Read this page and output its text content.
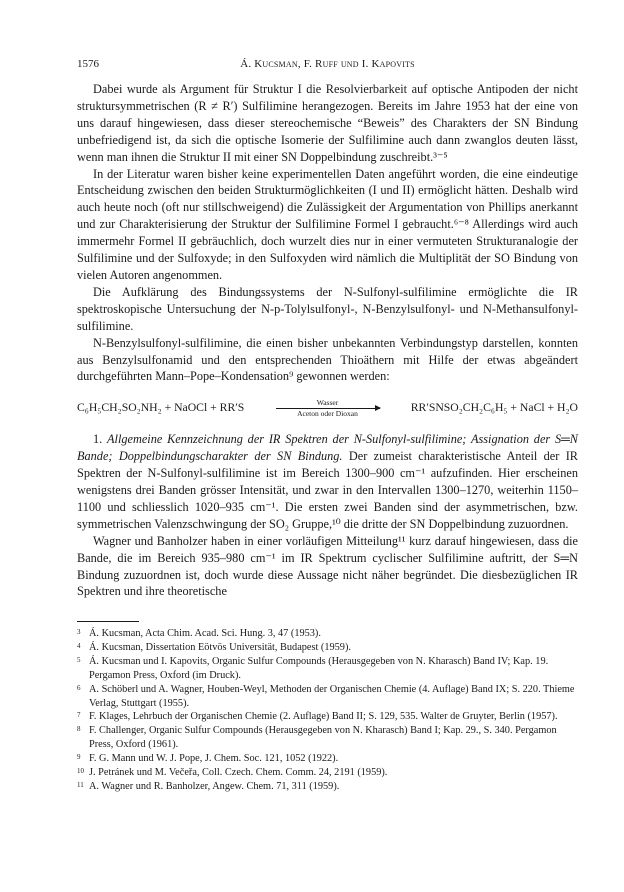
1576	Á. Kucsman, F. Ruff und I. Kapovits

Dabei wurde als Argument für Struktur I die Resolvierbarkeit auf optische Antipoden der nicht struktursymmetrischen (R ≠ R′) Sulfilimine herangezogen. Bereits im Jahre 1953 hat der eine von uns darauf hingewiesen, dass dieser stereochemische “Beweis” des Charakters der SN Bindung unbefriedigend ist, da sich die optische Isomerie der Sulfilimine auch dann zwanglos deuten lässt, wenn man ihnen die Struktur II mit einer SN Doppelbindung zuschreibt.³⁻⁵

In der Literatur waren bisher keine experimentellen Daten angeführt worden, die eine eindeutige Entscheidung zwischen den beiden Strukturmöglichkeiten (I und II) ermöglicht hätten. Deshalb wird auch heute noch (oft nur stillschweigend) die Zulässigkeit der Argumentation von Phillips anerkannt und zur Charakterisierung der Struktur der Sulfilimine Formel I gebraucht.⁶⁻⁸ Allerdings wird auch immermehr Formel II gebräuchlich, doch wurzelt dies nur in einer vermuteten Strukturanalogie der Sulfilimine und der Sulfoxyde; in den Sulfoxyden wird nämlich die Multiplität der SO Bindung von vielen Autoren angenommen.

Die Aufklärung des Bindungssystems der N-Sulfonyl-sulfilimine ermöglichte die IR spektroskopische Untersuchung der N-p-Tolylsulfonyl-, N-Benzylsulfonyl- und N-Methansulfonyl-sulfilimine.

N-Benzylsulfonyl-sulfilimine, die einen bisher unbekannten Verbindungstyp darstellen, konnten aus Benzylsulfonamid und den entsprechenden Thioäthern mit Hilfe der etwas abgeändert durchgeführten Mann–Pope–Kondensation⁹ gewonnen werden:

C₆H₅CH₂SO₂NH₂ + NaOCl + RR′S	Wasser
Aceton oder Dioxan	RR′SNSO₂CH₂C₆H₅ + NaCl + H₂O

1. Allgemeine Kennzeichnung der IR Spektren der N-Sulfonyl-sulfilimine; Assignation der S═N Bande; Doppelbindungscharakter der SN Bindung. Der zumeist charakteristische Anteil der IR Spektren der N-Sulfonyl-sulfilimine ist im Bereich 1300–900 cm⁻¹ aufzufinden. Hier erscheinen wenigstens drei Banden grösser Intensität, und zwar in den Intervallen 1300–1270, weiterhin 1150–1100 und schliesslich 1020–935 cm⁻¹. Die ersten zwei Banden sind der asymmetrischen, bzw. symmetrischen Valenzschwingung der SO₂ Gruppe,¹⁰ die dritte der SN Doppelbindung zuzuordnen.

Wagner und Banholzer haben in einer vorläufigen Mitteilung¹¹ kurz darauf hingewiesen, dass die Bande, die im Bereich 935–980 cm⁻¹ im IR Spektrum cyclischer Sulfilimine auftritt, der S═N Bindung zuzuordnen ist, doch wurde diese Aussage nicht näher begründet. Die diesbezüglichen IR Spektren und ihre theoretische

3 Á. Kucsman, Acta Chim. Acad. Sci. Hung. 3, 47 (1953).
4 Á. Kucsman, Dissertation Eötvös Universität, Budapest (1959).
5 Á. Kucsman und I. Kapovits, Organic Sulfur Compounds (Herausgegeben von N. Kharasch) Band IV; Kap. 19. Pergamon Press, Oxford (im Druck).
6 A. Schöberl und A. Wagner, Houben-Weyl, Methoden der Organischen Chemie (4. Auflage) Band IX; S. 220. Thieme Verlag, Stuttgart (1955).
7 F. Klages, Lehrbuch der Organischen Chemie (2. Auflage) Band II; S. 129, 535. Walter de Gruyter, Berlin (1957).
8 F. Challenger, Organic Sulfur Compounds (Herausgegeben von N. Kharasch) Band I; Kap. 29., S. 340. Pergamon Press, Oxford (1961).
9 F. G. Mann und W. J. Pope, J. Chem. Soc. 121, 1052 (1922).
10 J. Petránek und M. Večeřa, Coll. Czech. Chem. Comm. 24, 2191 (1959).
11 A. Wagner und R. Banholzer, Angew. Chem. 71, 311 (1959).
